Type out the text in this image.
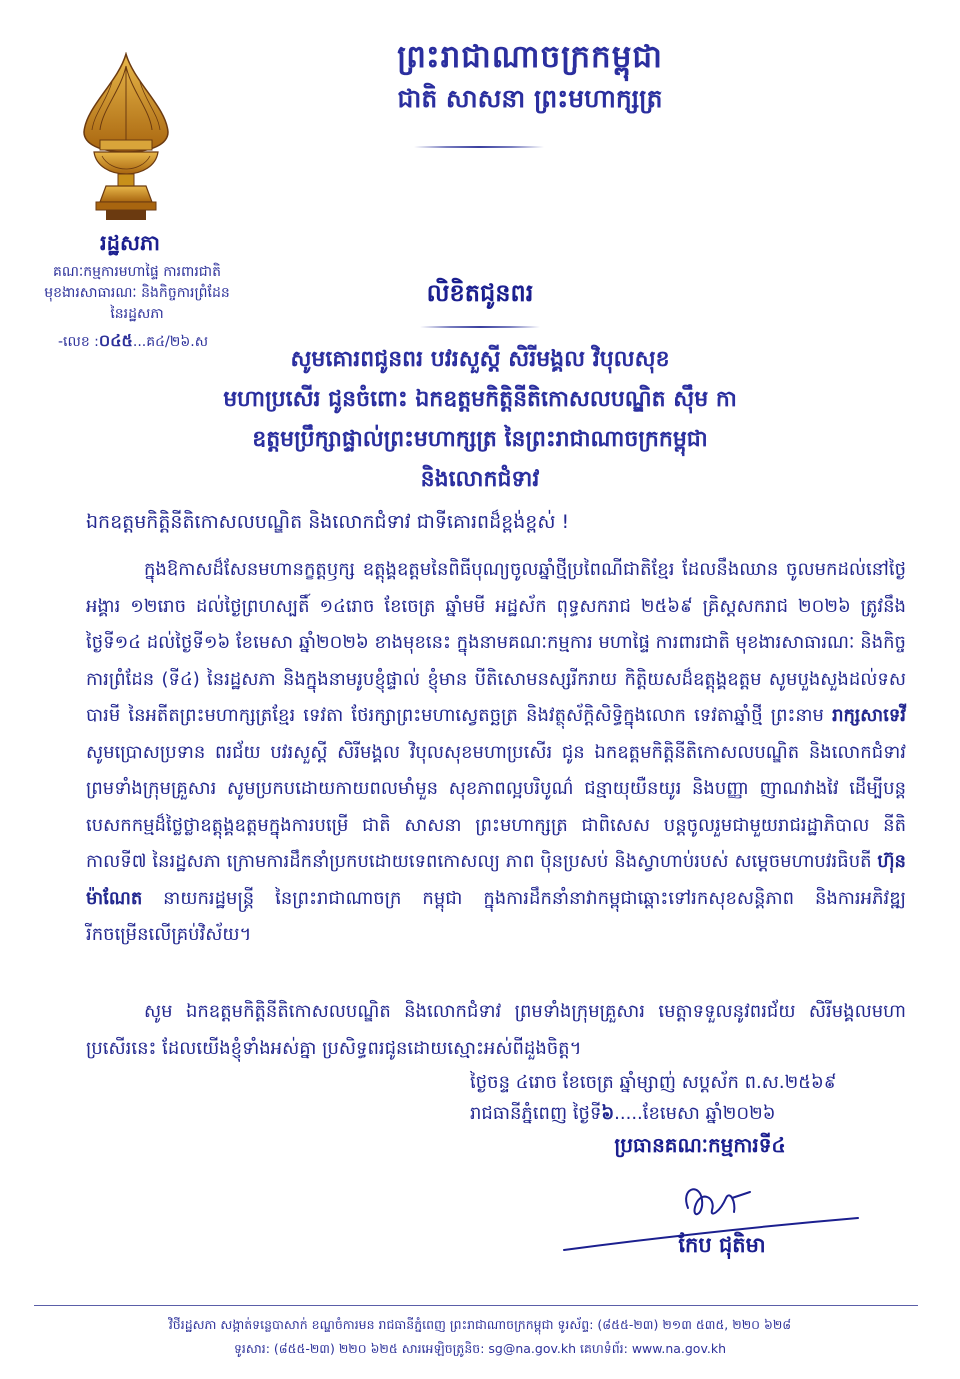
ព្រះរាជាណាចក្រកម្ពុជា
ជាតិ សាសនា ព្រះមហាក្សត្រ
រដ្ឋសភា
គណៈកម្មការមហាផ្ទៃ ការពារជាតិ
មុខងារសាធារណៈ និងកិច្ចការព្រំដែន
នៃរដ្ឋសភា
-លេខ :០៤៥...គ៤/២៦.ស
លិខិតជូនពរ
សូមគោរពជូនពរ បវរសួស្តី សិរីមង្គល វិបុលសុខ
មហាប្រសើរ ជូនចំពោះ ឯកឧត្តមកិត្តិនីតិកោសលបណ្ឌិត ស៊ឹម កា
ឧត្តមប្រឹក្សាផ្ទាល់ព្រះមហាក្សត្រ នៃព្រះរាជាណាចក្រកម្ពុជា
និងលោកជំទាវ
ឯកឧត្តមកិត្តិនីតិកោសលបណ្ឌិត និងលោកជំទាវ ជាទីគោរពដ៏ខ្ពង់ខ្ពស់ !
ក្នុងឱកាសដ៏សែនមហានក្ខត្តឫក្ស ឧត្តុង្គឧត្តមនៃពិធីបុណ្យចូលឆ្នាំថ្មីប្រពៃណីជាតិខ្មែរ ដែលនឹងឈាន ចូលមកដល់នៅថ្ងៃអង្គារ ១២រោច ដល់ថ្ងៃព្រហស្បតិ៍ ១៤រោច ខែចេត្រ ឆ្នាំមមី អដ្ឋស័ក ពុទ្ធសករាជ ២៥៦៩ គ្រិស្តសករាជ ២០២៦ ត្រូវនឹងថ្ងៃទី១៤ ដល់ថ្ងៃទី១៦ ខែមេសា ឆ្នាំ២០២៦ ខាងមុខនេះ ក្នុងនាមគណៈកម្មការ មហាផ្ទៃ ការពារជាតិ មុខងារសាធារណៈ និងកិច្ចការព្រំដែន (ទី៤) នៃរដ្ឋសភា និងក្នុងនាមរូបខ្ញុំផ្ទាល់ ខ្ញុំមាន បីតិសោមនស្សរីករាយ កិត្តិយសដ៏ឧត្តុង្គឧត្តម សូមបួងសួងដល់ទសបារមី នៃអតីតព្រះមហាក្សត្រខ្មែរ ទេវតា ថែរក្សាព្រះមហាស្វេតច្ឆត្រ និងវត្ថុស័ក្តិសិទ្ធិក្នុងលោក ទេវតាឆ្នាំថ្មី ព្រះនាម រាក្សសាទេវី សូមប្រោសប្រទាន ពរជ័យ បវរសួស្តី សិរីមង្គល វិបុលសុខមហាប្រសើរ ជូន ឯកឧត្តមកិត្តិនីតិកោសលបណ្ឌិត និងលោកជំទាវ ព្រមទាំងក្រុមគ្រួសារ សូមប្រកបដោយកាយពលមាំមួន សុខភាពល្អបរិបូណ៌ ជន្មាយុយឺនយូរ និងបញ្ញា ញាណវាងវៃ ដើម្បីបន្តបេសកកម្មដ៏ថ្លៃថ្លាឧត្តុង្គឧត្តមក្នុងការបម្រើ ជាតិ សាសនា ព្រះមហាក្សត្រ ជាពិសេស បន្តចូលរួមជាមួយរាជរដ្ឋាភិបាល នីតិកាលទី៧ នៃរដ្ឋសភា ក្រោមការដឹកនាំប្រកបដោយទេពកោសល្យ ភាព ប៉ិនប្រសប់ និងស្វាហាប់របស់ សម្តេចមហាបវរធិបតី ហ៊ុន ម៉ាណែត នាយករដ្ឋមន្ត្រី នៃព្រះរាជាណាចក្រ កម្ពុជា ក្នុងការដឹកនាំនាវាកម្ពុជាឆ្ពោះទៅរកសុខសន្តិភាព និងការអភិវឌ្ឍរីកចម្រើនលើគ្រប់វិស័យ។
សូម ឯកឧត្តមកិត្តិនីតិកោសលបណ្ឌិត និងលោកជំទាវ ព្រមទាំងក្រុមគ្រួសារ មេត្តាទទួលនូវពរជ័យ សិរីមង្គលមហាប្រសើរនេះ ដែលយើងខ្ញុំទាំងអស់គ្នា ប្រសិទ្ធពរជូនដោយស្មោះអស់ពីដួងចិត្ត។
ថ្ងៃចន្ទ ៤រោច ខែចេត្រ ឆ្នាំម្សាញ់ សប្តស័ក ព.ស.២៥៦៩
រាជធានីភ្នំពេញ ថ្ងៃទី៦.....ខែមេសា ឆ្នាំ២០២៦
ប្រធានគណៈកម្មការទី៤
កែប ជុតិមា
វិថីរដ្ឋសភា សង្កាត់ទន្លេបាសាក់ ខណ្ឌចំការមន រាជធានីភ្នំពេញ ព្រះរាជាណាចក្រកម្ពុជា ទូរស័ព្ទ: (៨៥៥-២៣) ២១៣ ៥៣៥, ២២០ ៦២៨
ទូរសារ: (៨៥៥-២៣) ២២០ ៦២៥ សារអេឡិចត្រូនិច: sg@na.gov.kh គេហទំព័រ: www.na.gov.kh
